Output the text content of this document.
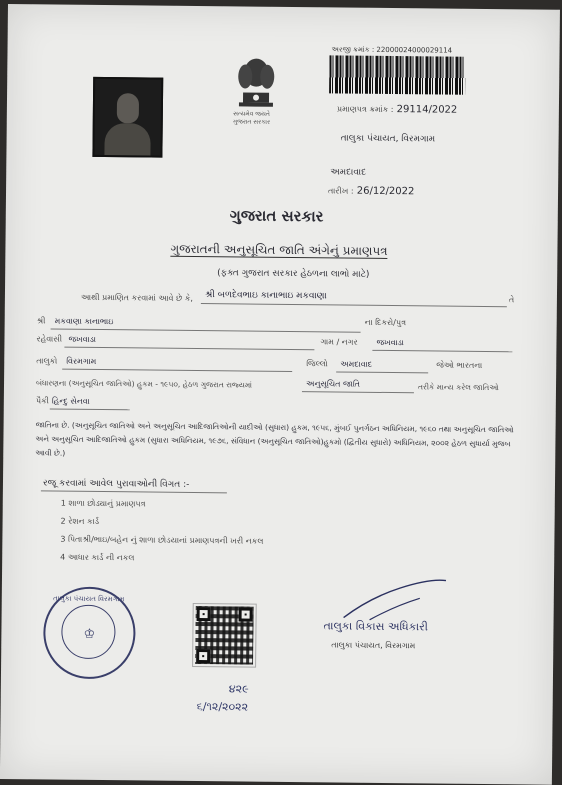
સત્યમેવ જયતે
ગુજરાત સરકાર
અરજી ક્રમાંક : 22000024000029114
પ્રમાણપત્ર ક્રમાંક : 29114/2022
તાલુકા પંચાયત, વિરમગામ
અમદાવાદ
તારીખ : 26/12/2022
ગુજરાત સરકાર
ગુજરાતની અનુસૂચિત જાતિ અંગેનું પ્રમાણપત્ર
(ફક્ત ગુજરાત સરકાર હેઠળના લાભો માટે)
આથી પ્રમાણિત કરવામાં આવે છે કે, શ્રી બળદેવભાઇ કાનાભાઇ મકવાણા	તે
શ્રી મકવાણા કાનાભાઇ	ના દિકરો/પુત્ર
રહેવાસી જખવાડા	ગામ / નગર જખવાડા
તાલુકો વિરમગામ	જિલ્લો અમદાવાદ	જેઓ ભારતના
બંધારણના (અનુસૂચિત જાતિઓ) હુકમ - ૧૯૫૦, હેઠળ ગુજરાત રાજ્યમાં	અનુસૂચિત જાતિ	તરીકે માન્ય કરેલ જાતિઓ
પૈકી હિન્દુ સેનવા
જાતિના છે. (અનુસૂચિત જાતિઓ અને અનુસૂચિત આદિજાતિઓની યાદીઓ (સુધારા) હુકમ, ૧૯૫૬, મુંબઈ પુનર્ગઠન અધિનિયમ, ૧૯૬૦ તથા અનુસૂચિત જાતિઓ અને અનુસૂચિત આદિજાતિઓ હુકમ (સુધારા અધિનિયમ, ૧૯૭૬, સંવિધાન (અનુસૂચિત જાતિઓ)હુકમો (દ્વિતીય સુધારો) અધિનિયમ, ૨૦૦૨ હેઠળ સુધાર્યા મુજબ આવી છે.)
રજૂ કરવામાં આવેલ પુરાવાઓની વિગત :-
1 શાળા છોડ્યાનું પ્રમાણપત્ર
2 રેશન કાર્ડ
3 પિતાશ્રી/ભાઇ/બહેન નું શાળા છોડયાનાં પ્રમાણપત્રની ખરી નકલ
4 આધાર કાર્ડ ની નકલ
♔
તાલુકા પંચાયત વિરમગામ
તાલુકા વિકાસ અધિકારી
તાલુકા પંચાયત, વિરમગામ
૪૨૯
૬/૧૨/૨૦૨૨
